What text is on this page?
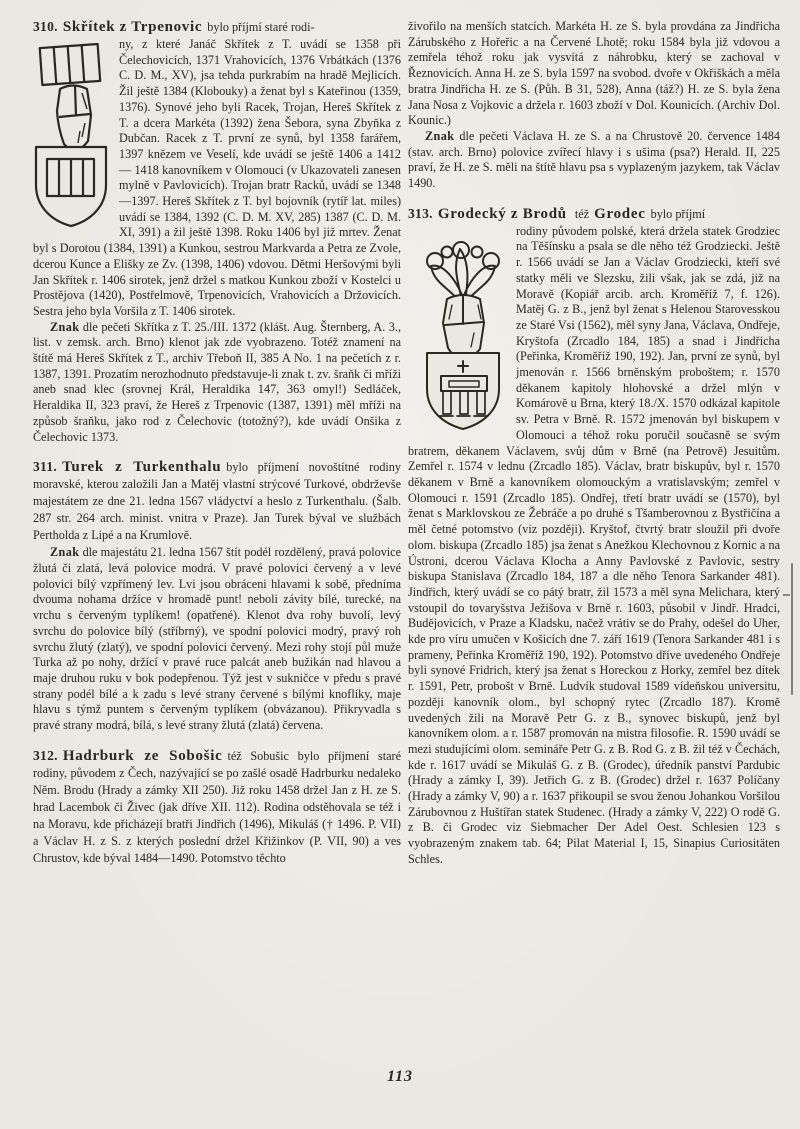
310. Skřítek z Trpenovic bylo příjmí staré rodi-

ny, z které Janáč Skřítek z T. uvádí se 1358 při Čelechovicích, 1371 Vrahovicích, 1376 Vrbátkách (1376 C. D. M., XV), jsa tehda purkrabím na hradě Mejlicích. Žil ještě 1384 (Klobouky) a ženat byl s Kateřinou (1359, 1376). Synové jeho byli Racek, Trojan, Hereš Skřítek z T. a dcera Markéta (1392) žena Šebora, syna Zbyňka z Dubčan. Racek z T. první ze synů, byl 1358 farářem, 1397 knězem ve Veselí, kde uvádí se ještě 1406 a 1412 — 1418 kanovníkem v Olomouci (v Ukazovateli zanesen mylně v Pavlovicích). Trojan bratr Racků, uvádí se 1348—1397. Hereš Skřítek z T. byl bojovník (rytíř lat. miles) uvádí se 1384, 1392 (C. D. M. XV, 285) 1387 (C. D. M. XI, 391) a žil ještě 1398. Roku 1406 byl již mrtev. Ženat byl s Dorotou (1384, 1391) a Kunkou, sestrou Markvarda a Petra ze Zvole, dcerou Kunce a Elišky ze Zv. (1398, 1406) vdovou. Dětmi Heršovými byli Jan Skřítek r. 1406 sirotek, jenž držel s matkou Kunkou zboží v Kostelci u Prostějova (1420), Postřelmově, Trpenovicích, Vrahovicích a Držovicích. Sestra jeho byla Voršila z T. 1406 sirotek.

Znak dle pečeti Skřítka z T. 25./III. 1372 (klášt. Aug. Šternberg, A. 3., list. v zemsk. arch. Brno) klenot jak zde vyobrazeno. Totéž znamení na štítě má Hereš Skřítek z T., archiv Třeboň II, 385 A No. 1 na pečetích z r. 1387, 1391. Prozatím nerozhodnuto představuje-li znak t. zv. šraňk či mříži aneb snad klec (srovnej Král, Heraldika 147, 363 omyl!) Sedláček, Heraldika II, 323 praví, že Hereš z Trpenovic (1387, 1391) měl mříži na způsob šraňku, jako rod z Čelechovic (totožný?), kde uvádí Onšika z Čelechovic 1373.

311. Turek z Turkenthalu bylo příjmení novoštítné rodiny moravské, kterou založili Jan a Matěj vlastní strýcové Turkové, obdrževše majestátem ze dne 21. ledna 1567 vládyctví a heslo z Turkenthalu. (Šalb. 287 str. 264 arch. minist. vnitra v Praze). Jan Turek býval ve službách Pertholda z Lipé a na Krumlově.

Znak dle majestátu 21. ledna 1567 štít podél rozdělený, pravá polovice žlutá či zlatá, levá polovice modrá. V pravé polovici červený a v levé polovici bílý vzpřímený lev. Lvi jsou obráceni hlavami k sobě, předníma dvouma nohama držíce v hromadě punt! neboli závity bílé, turecké, na vrchu s červeným typlíkem! (opatřené). Klenot dva rohy buvolí, levý svrchu do polovice bílý (stříbrný), ve spodní polovici modrý, pravý roh svrchu žlutý (zlatý), ve spodní polovici červený. Mezi rohy stojí půl muže Turka až po nohy, držící v pravé ruce palcát aneb bužikán nad hlavou a maje druhou ruku v bok podepřenou. Týž jest v sukničce v předu s pravé strany podél bílé a k zadu s levé strany červené s bílými knoflíky, maje hlavu s týmž puntem s červeným typlíkem (obvázanou). Přikryvadla s pravé strany modrá, bílá, s levé strany žlutá (zlatá) červena.

312. Hadrburk ze Sobošic též Sobušic bylo příjmení staré rodiny, původem z Čech, nazývající se po zašlé osadě Hadrburku nedaleko Něm. Brodu (Hrady a zámky XII 250). Již roku 1458 držel Jan z H. ze S. hrad Lacembok či Živec (jak dříve XII. 112). Rodina odstěhovala se též i na Moravu, kde přicházejí bratři Jindřich (1496), Mikuláš († 1496. P. VII) a Václav H. z S. z kterých poslední držel Křižinkov (P. VII, 90) a ves Chrustov, kde býval 1484—1490. Potomstvo těchto

živořilo na menších statcích. Markéta H. ze S. byla provdána za Jindřicha Zárubského z Hořeřic a na Červené Lhotě; roku 1584 byla již vdovou a zemřela téhož roku jak vysvítá z náhrobku, který se zachoval v Řeznovicích. Anna H. ze S. byla 1597 na svobod. dvoře v Okřiškách a měla bratra Jindřicha H. ze S. (Půh. B 31, 528), Anna (táž?) H. ze S. byla žena Jana Nosa z Vojkovic a držela r. 1603 zboží v Dol. Kounicích. (Archiv Dol. Kounic.)

Znak dle pečeti Václava H. ze S. a na Chrustově 20. července 1484 (stav. arch. Brno) polovice zvířecí hlavy i s ušima (psa?) Herald. II, 225 praví, že H. ze S. měli na štítě hlavu psa s vyplazeným jazykem, tak Václav 1490.

313. Grodecký z Brodů též Grodec bylo příjmí

rodiny původem polské, která držela statek Grodziec na Těšínsku a psala se dle něho též Grodziecki. Ještě r. 1566 uvádí se Jan a Václav Grodziecki, kteří své statky měli ve Slezsku, žili však, jak se zdá, již na Moravě (Kopiář arcib. arch. Kroměříž 7, f. 126). Matěj G. z B., jenž byl ženat s Helenou Starovesskou ze Staré Vsi (1562), měl syny Jana, Václava, Ondřeje, Kryštofa (Zrcadlo 184, 185) a snad i Jindřicha (Peřinka, Kroměříž 190, 192). Jan, první ze synů, byl jmenován r. 1566 brněnským proboštem; r. 1570 děkanem kapitoly hlohovské a držel mlýn v Komárově u Brna, který 18./X. 1570 odkázal kapitole sv. Petra v Brně. R. 1572 jmenován byl biskupem v Olomouci a téhož roku poručil současně se svým bratrem, děkanem Václavem, svůj dům v Brně (na Petrově) Jesuitům. Zemřel r. 1574 v lednu (Zrcadlo 185). Václav, bratr biskupův, byl r. 1570 děkanem v Brně a kanovníkem olomouckým a vratislavským; zemřel v Olomouci r. 1591 (Zrcadlo 185). Ondřej, třetí bratr uvádí se (1570), byl ženat s Marklovskou ze Žebráče a po druhé s Tšamberovnou z Bystřičína a měl četné potomstvo (viz později). Kryštof, čtvrtý bratr sloužil při dvoře olom. biskupa (Zrcadlo 185) jsa ženat s Anežkou Klechovnou z Kornic a na Ústroni, dcerou Václava Klocha a Anny Pavlovské z Pavlovic, sestry biskupa Stanislava (Zrcadlo 184, 187 a dle něho Tenora Sarkander 481). Jindřich, který uvádí se co pátý bratr, žil 1573 a měl syna Melichara, který vstoupil do tovaryšstva Ježišova v Brně r. 1603, působil v Jindř. Hradci, Budějovicích, v Praze a Kladsku, načež vrátiv se do Prahy, odešel do Uher, kde pro víru umučen v Košicích dne 7. září 1619 (Tenora Sarkander 481 i s prameny, Peřinka Kroměříž 190, 192). Potomstvo dříve uvedeného Ondřeje byli synové Fridrich, který jsa ženat s Horeckou z Horky, zemřel bez dítek r. 1591, Petr, probošt v Brně. Ludvík studoval 1589 vídeňskou universitu, později kanovník olom., byl schopný rytec (Zrcadlo 187). Kromě uvedených žili na Moravě Petr G. z B., synovec biskupů, jenž byl kanovníkem olom. a r. 1587 promován na mistra filosofie. R. 1590 uvádí se mezi studujícími olom. semináře Petr G. z B. Rod G. z B. žil též v Čechách, kde r. 1617 uvádí se Mikuláš G. z B. (Grodec), úředník panství Pardubic (Hrady a zámky I, 39). Jetřich G. z B. (Grodec) držel r. 1637 Políčany (Hrady a zámky V, 90) a r. 1637 přikoupil se svou ženou Johankou Voršilou Zárubovnou z Huštířan statek Studenec. (Hrady a zámky V, 222) O rodě G. z B. či Grodec viz Siebmacher Der Adel Oest. Schlesien 123 s vyobrazeným znakem tab. 64; Pilat Material I, 15, Sinapius Curiositäten Schles.
113
